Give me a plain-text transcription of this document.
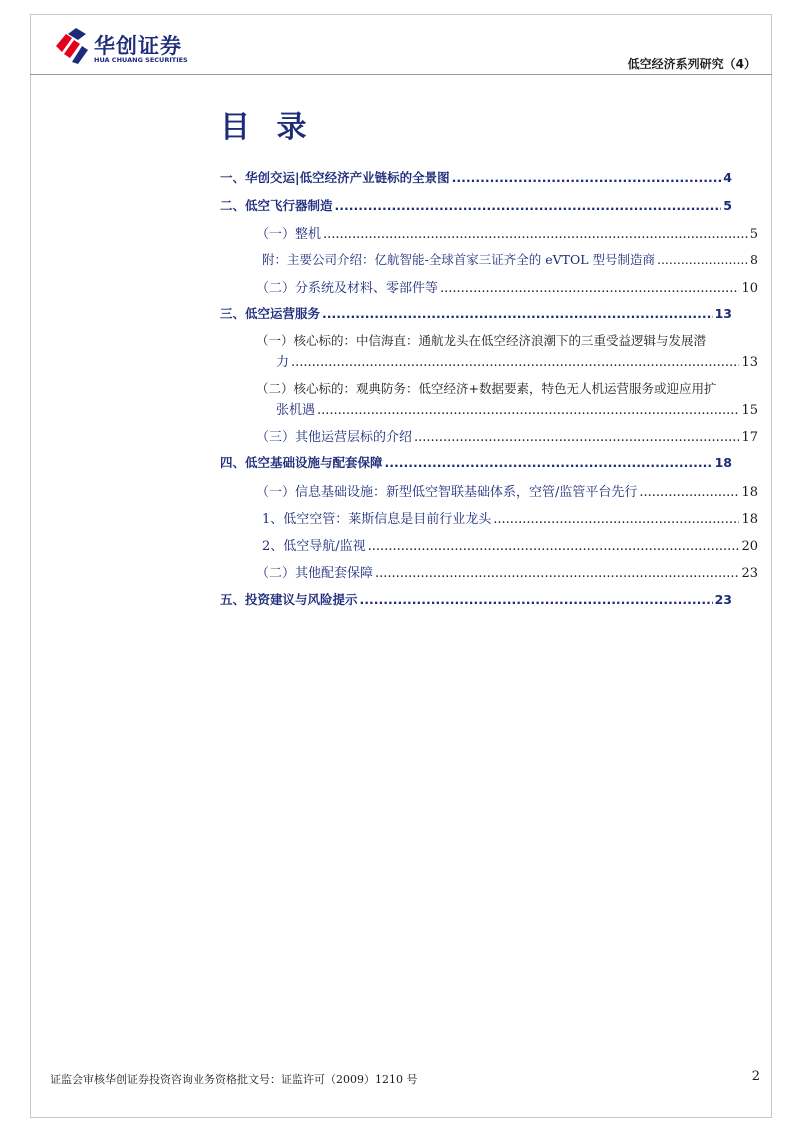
华创证券
HUA CHUANG SECURITIES	低空经济系列研究（4）
目 录
一、华创交运|低空经济产业链标的全景图 .....	4
二、低空飞行器制造 .....	5
（一）整机 .....	5
附：主要公司介绍：亿航智能-全球首家三证齐全的 eVTOL 型号制造商 .....	8
（二）分系统及材料、零部件等 .....	10
三、低空运营服务 .....	13
（一）核心标的：中信海直：通航龙头在低空经济浪潮下的三重受益逻辑与发展潜
力 .....	13
（二）核心标的：观典防务：低空经济+数据要素，特色无人机运营服务或迎应用扩
张机遇 .....	15
（三）其他运营层标的介绍 .....	17
四、低空基础设施与配套保障 .....	18
（一）信息基础设施：新型低空智联基础体系，空管/监管平台先行 .....	18
1、低空空管：莱斯信息是目前行业龙头 .....	18
2、低空导航/监视 .....	20
（二）其他配套保障 .....	23
五、投资建议与风险提示 .....	23
证监会审核华创证券投资咨询业务资格批文号：证监许可（2009）1210 号	2
